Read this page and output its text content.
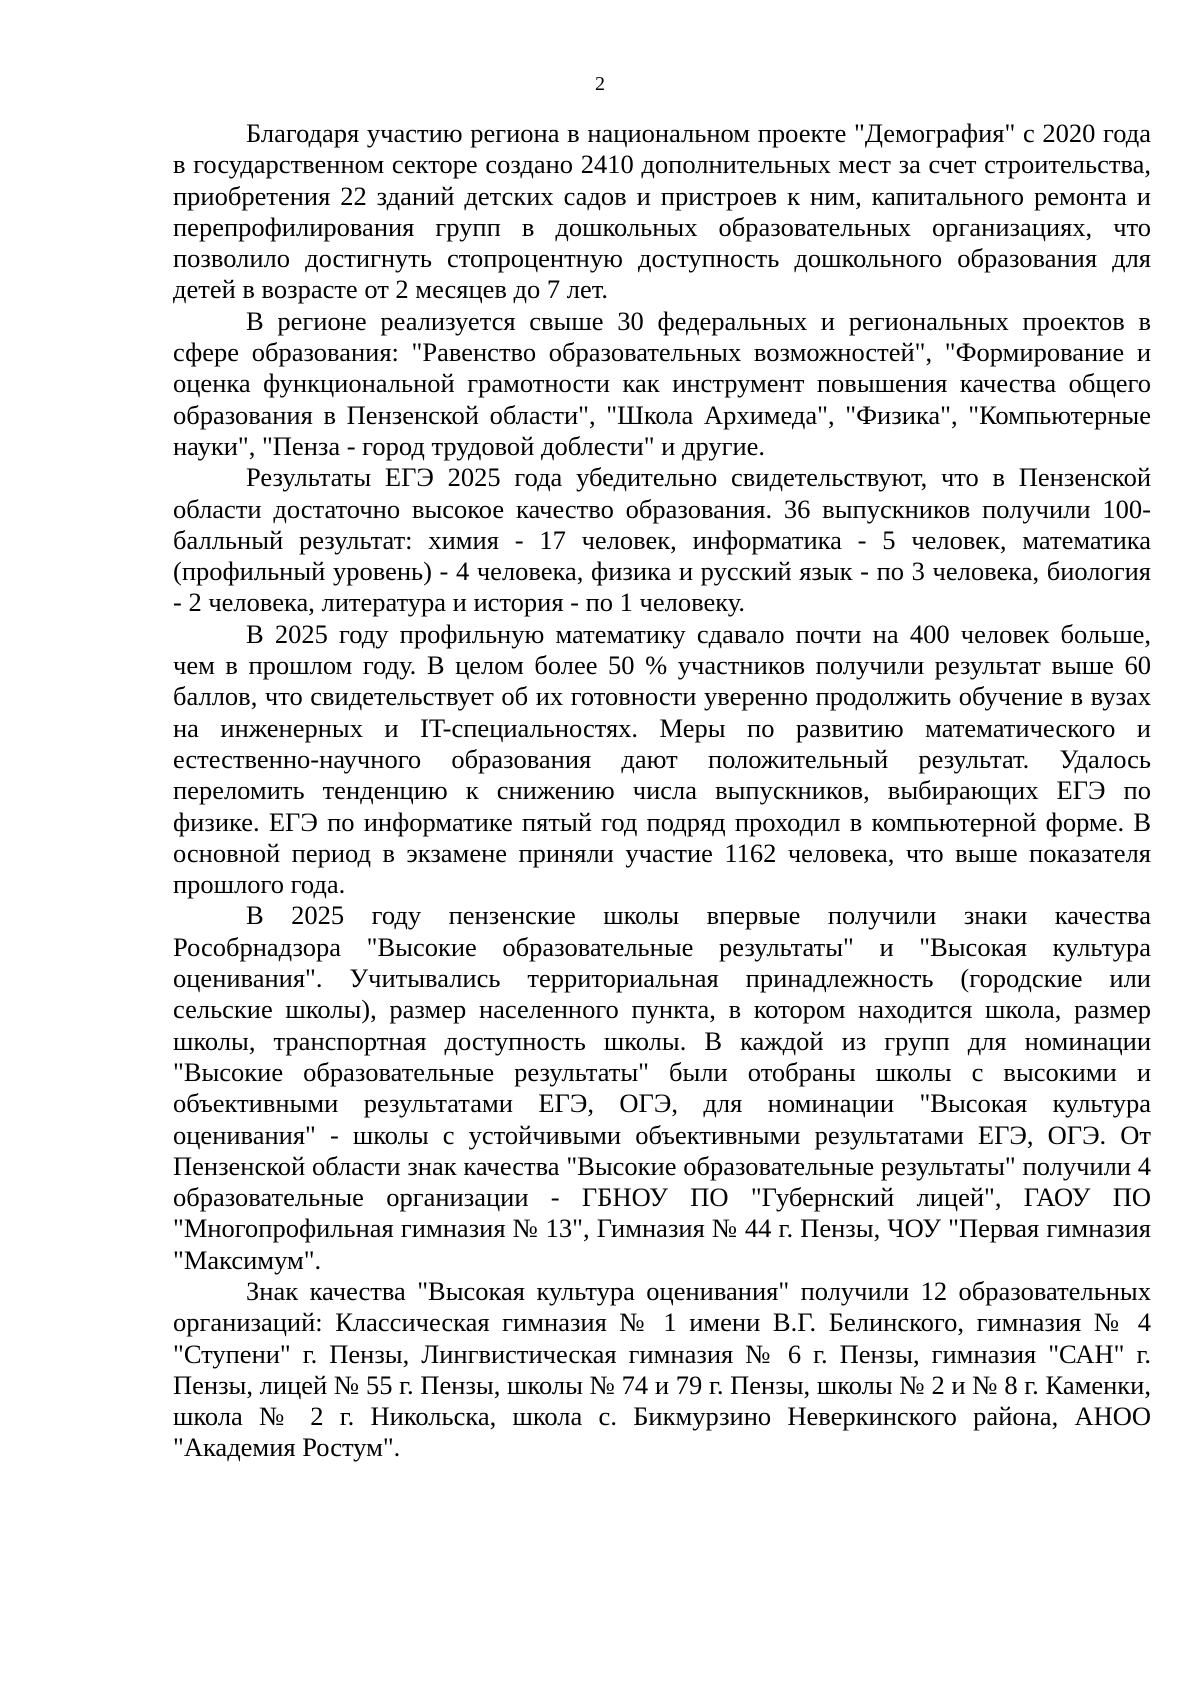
2

Благодаря участию региона в национальном проекте "Демография" с 2020 года в государственном секторе создано 2410 дополнительных мест за счет строительства, приобретения 22 зданий детских садов и пристроев к ним, капитального ремонта и перепрофилирования групп в дошкольных образовательных организациях, что позволило достигнуть стопроцентную доступность дошкольного образования для детей в возрасте от 2 месяцев до 7 лет.

В регионе реализуется свыше 30 федеральных и региональных проектов в сфере образования: "Равенство образовательных возможностей", "Формирование и оценка функциональной грамотности как инструмент повышения качества общего образования в Пензенской области", "Школа Архимеда", "Физика", "Компьютерные науки", "Пенза - город трудовой доблести" и другие.

Результаты ЕГЭ 2025 года убедительно свидетельствуют, что в Пензенской области достаточно высокое качество образования. 36 выпускников получили 100-балльный результат: химия - 17 человек, информатика - 5 человек, математика (профильный уровень) - 4 человека, физика и русский язык - по 3 человека, биология - 2 человека, литература и история - по 1 человеку.

В 2025 году профильную математику сдавало почти на 400 человек больше, чем в прошлом году. В целом более 50 % участников получили результат выше 60 баллов, что свидетельствует об их готовности уверенно продолжить обучение в вузах на инженерных и IT-специальностях. Меры по развитию математического и естественно-научного образования дают положительный результат. Удалось переломить тенденцию к снижению числа выпускников, выбирающих ЕГЭ по физике. ЕГЭ по информатике пятый год подряд проходил в компьютерной форме. В основной период в экзамене приняли участие 1162 человека, что выше показателя прошлого года.

В 2025 году пензенские школы впервые получили знаки качества Рособрнадзора "Высокие образовательные результаты" и "Высокая культура оценивания". Учитывались территориальная принадлежность (городские или сельские школы), размер населенного пункта, в котором находится школа, размер школы, транспортная доступность школы. В каждой из групп для номинации "Высокие образовательные результаты" были отобраны школы с высокими и объективными результатами ЕГЭ, ОГЭ, для номинации "Высокая культура оценивания" - школы с устойчивыми объективными результатами ЕГЭ, ОГЭ. От Пензенской области знак качества "Высокие образовательные результаты" получили 4 образовательные организации - ГБНОУ ПО "Губернский лицей", ГАОУ ПО "Многопрофильная гимназия № 13", Гимназия № 44 г. Пензы, ЧОУ "Первая гимназия "Максимум".

Знак качества "Высокая культура оценивания" получили 12 образовательных организаций: Классическая гимназия № 1 имени В.Г. Белинского, гимназия № 4 "Ступени" г. Пензы, Лингвистическая гимназия № 6 г. Пензы, гимназия "САН" г. Пензы, лицей № 55 г. Пензы, школы № 74 и 79 г. Пензы, школы № 2 и № 8 г. Каменки, школа № 2 г. Никольска, школа с. Бикмурзино Неверкинского района, АНОО "Академия Ростум".
